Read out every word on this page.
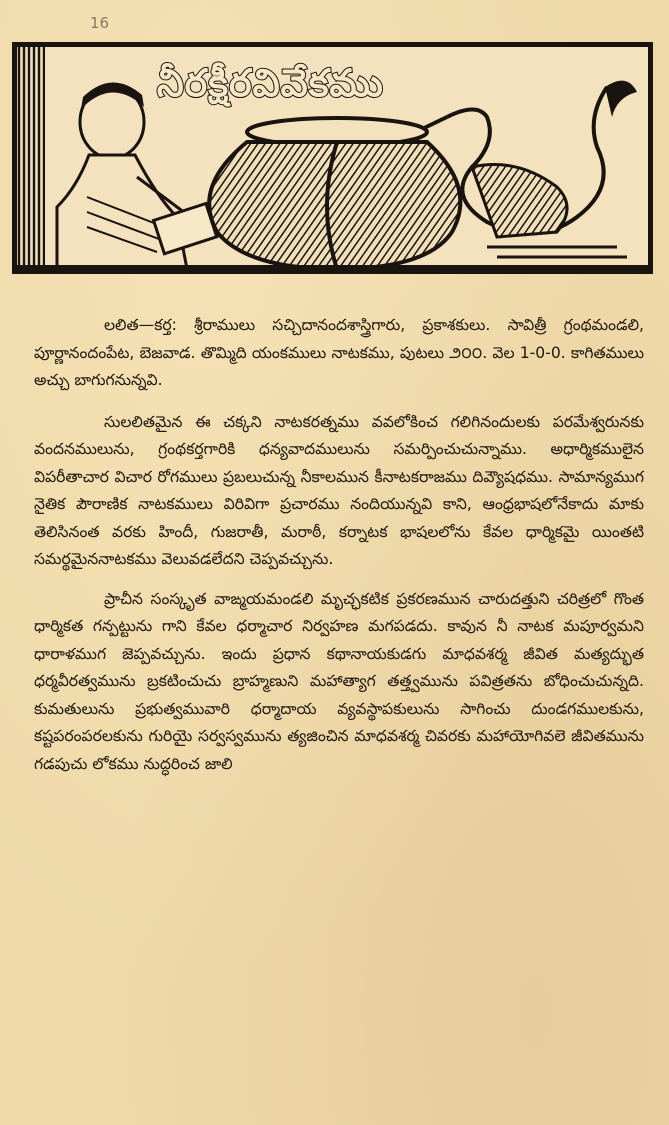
16
నీరక్షీరవివేకము

లలిత—కర్త: శ్రీరాములు సచ్చిదానందశాస్త్రిగారు, ప్రకాశకులు. సావిత్రీ గ్రంథమండలి, పూర్ణానందంపేట, బెజవాడ. తొమ్మిది యంకములు నాటకము, పుటలు ౨౦౦. వెల 1-0-0. కాగితములు అచ్చు బాగుగనున్నవి.

సులలితమైన ఈ చక్కని నాటకరత్నము వవలోకించ గలిగినందులకు పరమేశ్వరునకు వందనములును, గ్రంథకర్తగారికి ధన్యవాదములును సమర్పించుచున్నాము. అధార్మికములైన విపరీతాచార విచార రోగములు ప్రబలుచున్న నీకాలమున కీనాటకరాజము దివ్యౌషధము. సామాన్యముగ నైతిక పౌరాణిక నాటకములు విరివిగా ప్రచారము నందియున్నవి కాని, ఆంధ్రభాషలోనేకాదు మాకు తెలిసినంత వరకు హిందీ, గుజరాతీ, మరాఠీ, కర్నాటక భాషలలోను కేవల ధార్మికమై యింతటి సమర్థమైననాటకము వెలువడలేదని చెప్పవచ్చును.

ప్రాచీన సంస్కృత వాఙ్మయమండలి మృచ్ఛకటిక ప్రకరణమున చారుదత్తుని చరిత్రలో గొంత ధార్మికత గన్పట్టును గాని కేవల ధర్మాచార నిర్వహణ మగపడదు. కావున నీ నాటక మపూర్వమని ధారాళముగ జెప్పవచ్చును. ఇందు ప్రధాన కథానాయకుడగు మాధవశర్మ జీవిత మత్యద్భుత ధర్మవీరత్వమును బ్రకటించుచు బ్రాహ్మణుని మహాత్యాగ తత్త్వమును పవిత్రతను బోధించుచున్నది. కుమతులును ప్రభుత్వమువారి ధర్మాదాయ వ్యవస్థాపకులును సాగించు దుండగములకును, కష్టపరంపరలకును గురియై సర్వస్వమును త్యజించిన మాధవశర్మ చివరకు మహాయోగివలె జీవితమును గడపుచు లోకము నుద్ధరించ జాలి
